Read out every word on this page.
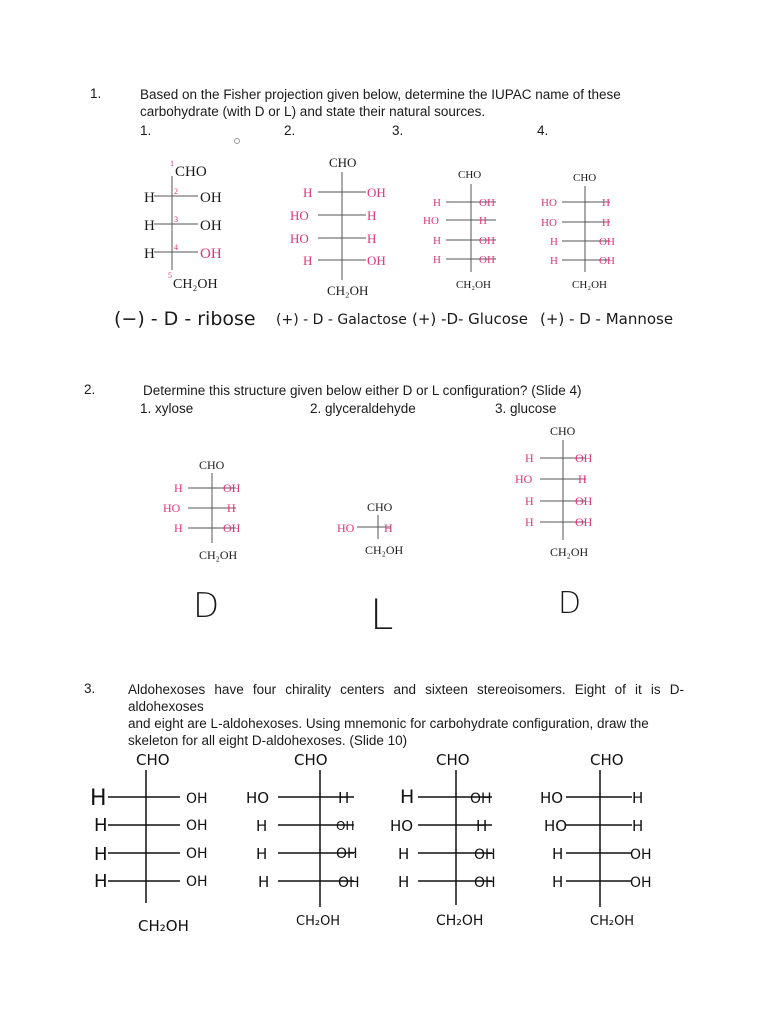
1.	Based on the Fisher projection given below, determine the IUPAC name of these
carbohydrate (with D or L) and state their natural sources.
1.	2.	3.	4.
1
CHO
2
H	OH
3
H	OH
4
H	OH
5
CH₂OH
CHO
H	OH
HO	H
HO	H
H	OH
CH₂OH
CHO
H	OH
HO	H
H	OH
H	OH
CH₂OH
CHO
HO	H
HO	H
H	OH
H	OH
CH₂OH
(−) - D - ribose (+) - D - Galactose (+) -D- Glucose (+) - D - Mannose
2.	Determine this structure given below either D or L configuration? (Slide 4)
1. xylose	2. glyceraldehyde	3. glucose
CHO
H	OH
HO	H
H	OH
CH₂OH
CHO
HO H
CH₂OH
CHO
H	OH
HO	H
H	OH
H	OH
CH₂OH
D	L	D
3. Aldohexoses have four chirality centers and sixteen stereoisomers. Eight of it is D-aldohexoses
and eight are L-aldohexoses. Using mnemonic for carbohydrate configuration, draw the
skeleton for all eight D-aldohexoses. (Slide 10)
CHO
H	OH
H	OH
H	OH
H	OH
CH₂OH
CHO
HO	H
H	OH
H	OH
H	OH
CH₂OH
CHO
H	OH
HO	H
H	OH
H	OH
CH₂OH
CHO
HO	H
HO	H
H	OH
H	OH
CH₂OH
